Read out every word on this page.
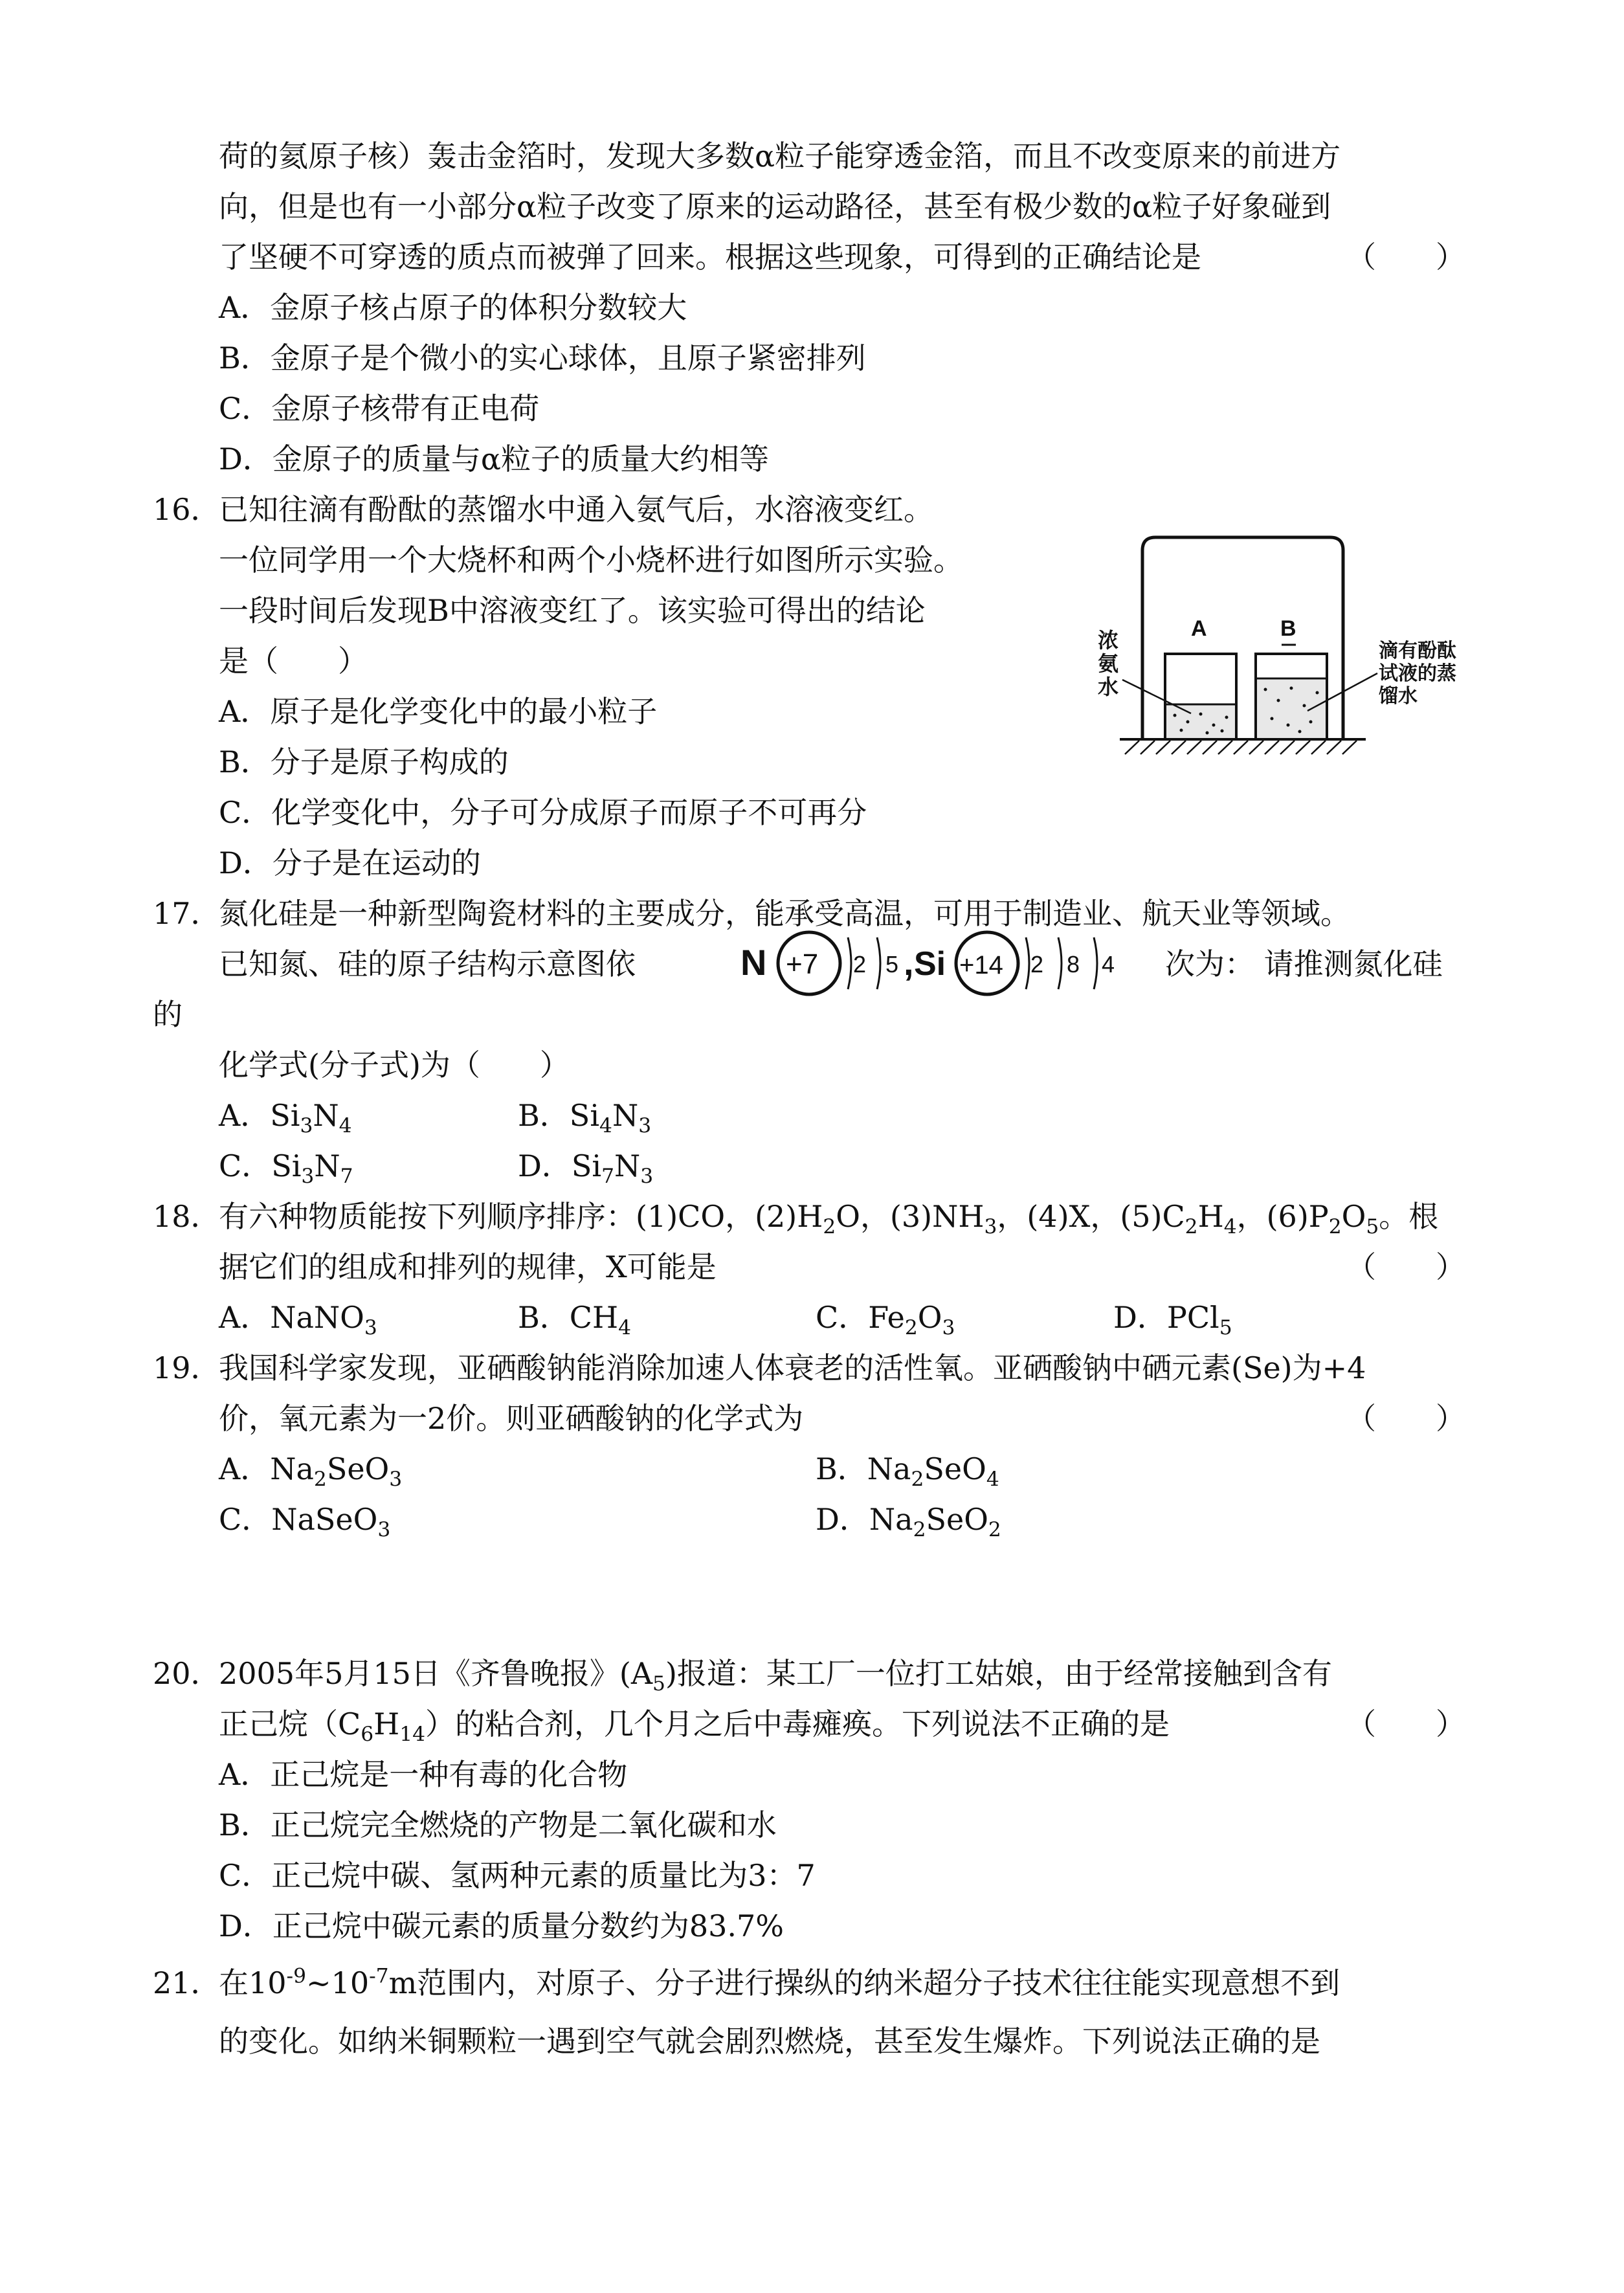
荷的氦原子核）轰击金箔时，发现大多数α粒子能穿透金箔，而且不改变原来的前进方
向，但是也有一小部分α粒子改变了原来的运动路径，甚至有极少数的α粒子好象碰到
了坚硬不可穿透的质点而被弹了回来。根据这些现象，可得到的正确结论是	（　　）
A．金原子核占原子的体积分数较大
B．金原子是个微小的实心球体，且原子紧密排列
C．金原子核带有正电荷
D．金原子的质量与α粒子的质量大约相等
16．
已知往滴有酚酞的蒸馏水中通入氨气后，水溶液变红。
一位同学用一个大烧杯和两个小烧杯进行如图所示实验。
一段时间后发现B中溶液变红了。该实验可得出的结论
是（　　）
A．原子是化学变化中的最小粒子
B．分子是原子构成的
C．化学变化中，分子可分成原子而原子不可再分
D．分子是在运动的
A	B
浓
氨
水
滴有酚酞
试液的蒸
馏水
17．
氮化硅是一种新型陶瓷材料的主要成分，能承受高温，可用于制造业、航天业等领域。
已知氮、硅的原子结构示意图依	N +7 2 5 , Si +14 2 8 4 次为： 请推测氮化硅
的
化学式(分子式)为（　　）
A．$Si_3N_4$	B．$Si_4N_3$
C．$Si_3N_7$	D．$Si_7N_3$
18．
有六种物质能按下列顺序排序：(1)CO，$(2)H_2O$，$(3)NH_3$，(4)X，$(5)C_2H_4$，$(6)P_2O_5$。根
据它们的组成和排列的规律，X可能是	（　　）
A．NaNO$_3$	B．$CH_4$	C．$Fe_2O_3$	D．PCl$_5$
19．
我国科学家发现，亚硒酸钠能消除加速人体衰老的活性氧。亚硒酸钠中硒元素(Se)为+4
价，氧元素为一2价。则亚硒酸钠的化学式为	（　　）
A．$Na_2SeO_3$	B．$Na_2SeO_4$
C．NaSeO$_3$	D．$Na_2SeO_2$
20．
2005年5月15日《齐鲁晚报》$(A_5)$报道：某工厂一位打工姑娘，由于经常接触到含有
正己烷$(C_6H_{14})$的粘合剂，几个月之后中毒瘫痪。下列说法不正确的是	（　　）
A．正己烷是一种有毒的化合物
B．正己烷完全燃烧的产物是二氧化碳和水
C．正己烷中碳、氢两种元素的质量比为3：7
D．正己烷中碳元素的质量分数约为83.7%
21．
在$10^{-9}\sim 10^{-7}m$范围内，对原子、分子进行操纵的纳米超分子技术往往能实现意想不到
的变化。如纳米铜颗粒一遇到空气就会剧烈燃烧，甚至发生爆炸。下列说法正确的是
